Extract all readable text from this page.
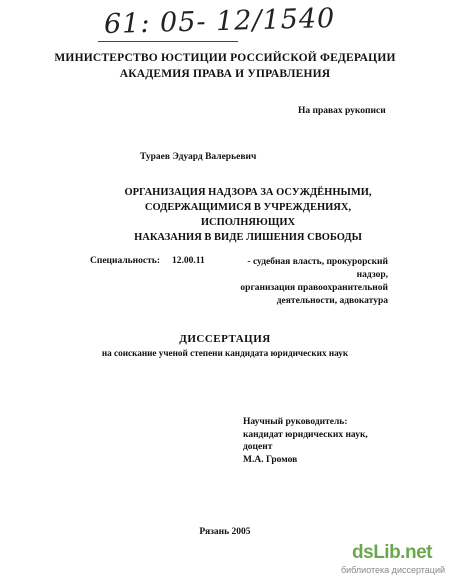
61: 05- 12/1540
МИНИСТЕРСТВО ЮСТИЦИИ РОССИЙСКОЙ ФЕДЕРАЦИИ
АКАДЕМИЯ ПРАВА И УПРАВЛЕНИЯ
На правах рукописи
Тураев Эдуард Валерьевич
ОРГАНИЗАЦИЯ НАДЗОРА ЗА ОСУЖДЁННЫМИ,
СОДЕРЖАЩИМИСЯ В УЧРЕЖДЕНИЯХ, ИСПОЛНЯЮЩИХ
НАКАЗАНИЯ В ВИДЕ ЛИШЕНИЯ СВОБОДЫ
Специальность: 12.00.11	- судебная власть, прокурорский надзор,
организация правоохранительной
деятельности, адвокатура
ДИССЕРТАЦИЯ
на соискание ученой степени кандидата юридических наук
Научный руководитель:
кандидат юридических наук,
доцент
М.А. Громов
Рязань 2005
dsLib.net
библиотека диссертаций
